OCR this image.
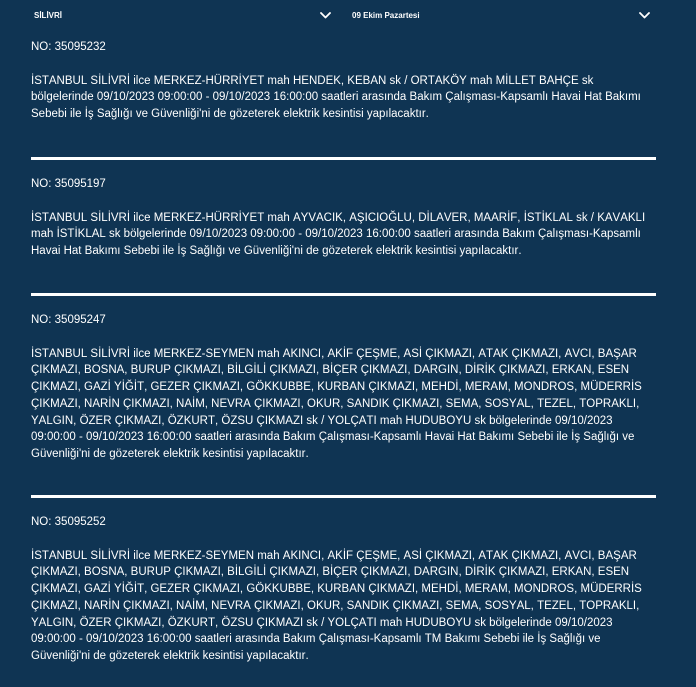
SİLİVRİ	09 Ekim Pazartesi

NO: 35095232

İSTANBUL SİLİVRİ ilce MERKEZ-HÜRRİYET mah HENDEK, KEBAN sk / ORTAKÖY mah MİLLET BAHÇE sk bölgelerinde 09/10/2023 09:00:00 - 09/10/2023 16:00:00 saatleri arasında Bakım Çalışması-Kapsamlı Havai Hat Bakımı Sebebi ile İş Sağlığı ve Güvenliği'ni de gözeterek elektrik kesintisi yapılacaktır.

NO: 35095197

İSTANBUL SİLİVRİ ilce MERKEZ-HÜRRİYET mah AYVACIK, AŞICIOĞLU, DİLAVER, MAARİF, İSTİKLAL sk / KAVAKLI mah İSTİKLAL sk bölgelerinde 09/10/2023 09:00:00 - 09/10/2023 16:00:00 saatleri arasında Bakım Çalışması-Kapsamlı Havai Hat Bakımı Sebebi ile İş Sağlığı ve Güvenliği'ni de gözeterek elektrik kesintisi yapılacaktır.

NO: 35095247

İSTANBUL SİLİVRİ ilce MERKEZ-SEYMEN mah AKINCI, AKİF ÇEŞME, ASİ ÇIKMAZI, ATAK ÇIKMAZI, AVCI, BAŞAR ÇIKMAZI, BOSNA, BURUP ÇIKMAZI, BİLGİLİ ÇIKMAZI, BİÇER ÇIKMAZI, DARGIN, DİRİK ÇIKMAZI, ERKAN, ESEN ÇIKMAZI, GAZİ YİĞİT, GEZER ÇIKMAZI, GÖKKUBBE, KURBAN ÇIKMAZI, MEHDİ, MERAM, MONDROS, MÜDERRİS ÇIKMAZI, NARİN ÇIKMAZI, NAİM, NEVRA ÇIKMAZI, OKUR, SANDIK ÇIKMAZI, SEMA, SOSYAL, TEZEL, TOPRAKLI, YALGIN, ÖZER ÇIKMAZI, ÖZKURT, ÖZSU ÇIKMAZI sk / YOLÇATI mah HUDUBOYU sk bölgelerinde 09/10/2023 09:00:00 - 09/10/2023 16:00:00 saatleri arasında Bakım Çalışması-Kapsamlı Havai Hat Bakımı Sebebi ile İş Sağlığı ve Güvenliği'ni de gözeterek elektrik kesintisi yapılacaktır.

NO: 35095252

İSTANBUL SİLİVRİ ilce MERKEZ-SEYMEN mah AKINCI, AKİF ÇEŞME, ASİ ÇIKMAZI, ATAK ÇIKMAZI, AVCI, BAŞAR ÇIKMAZI, BOSNA, BURUP ÇIKMAZI, BİLGİLİ ÇIKMAZI, BİÇER ÇIKMAZI, DARGIN, DİRİK ÇIKMAZI, ERKAN, ESEN ÇIKMAZI, GAZİ YİĞİT, GEZER ÇIKMAZI, GÖKKUBBE, KURBAN ÇIKMAZI, MEHDİ, MERAM, MONDROS, MÜDERRİS ÇIKMAZI, NARİN ÇIKMAZI, NAİM, NEVRA ÇIKMAZI, OKUR, SANDIK ÇIKMAZI, SEMA, SOSYAL, TEZEL, TOPRAKLI, YALGIN, ÖZER ÇIKMAZI, ÖZKURT, ÖZSU ÇIKMAZI sk / YOLÇATI mah HUDUBOYU sk bölgelerinde 09/10/2023 09:00:00 - 09/10/2023 16:00:00 saatleri arasında Bakım Çalışması-Kapsamlı TM Bakımı Sebebi ile İş Sağlığı ve Güvenliği'ni de gözeterek elektrik kesintisi yapılacaktır.
